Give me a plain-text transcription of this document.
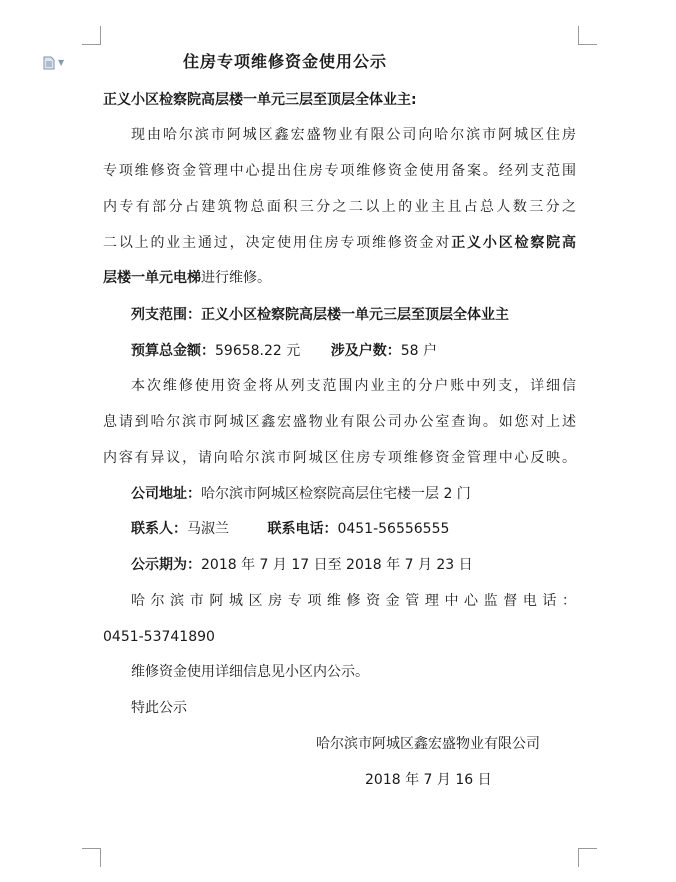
▼	住房专项维修资金使用公示
正义小区检察院高层楼一单元三层至顶层全体业主:
现由哈尔滨市阿城区鑫宏盛物业有限公司向哈尔滨市阿城区住房
专项维修资金管理中心提出住房专项维修资金使用备案。经列支范围
内专有部分占建筑物总面积三分之二以上的业主且占总人数三分之
二以上的业主通过，决定使用住房专项维修资金对正义小区检察院高
层楼一单元电梯进行维修。
列支范围：正义小区检察院高层楼一单元三层至顶层全体业主
预算总金额：59658.22 元 涉及户数：58 户
本次维修使用资金将从列支范围内业主的分户账中列支，详细信
息请到哈尔滨市阿城区鑫宏盛物业有限公司办公室查询。如您对上述
内容有异议，请向哈尔滨市阿城区住房专项维修资金管理中心反映。
公司地址：哈尔滨市阿城区检察院高层住宅楼一层 2 门
联系人：马淑兰	联系电话：0451-56556555
公示期为：2018 年 7 月 17 日至 2018 年 7 月 23 日
哈尔滨市阿城区房专项维修资金管理中心监督电话：
0451-53741890
维修资金使用详细信息见小区内公示。
特此公示
哈尔滨市阿城区鑫宏盛物业有限公司
2018 年 7 月 16 日
